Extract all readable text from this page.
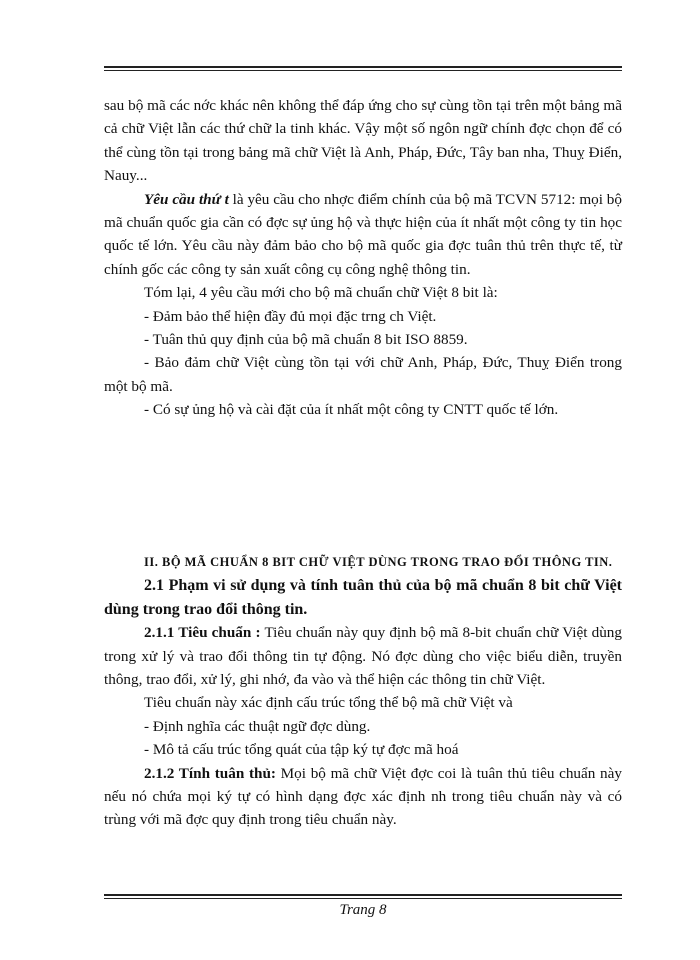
sau bộ mã các nớc khác nên không thể đáp ứng cho sự cùng tồn tại trên một bảng mã cả chữ Việt lẫn các thứ chữ la tinh khác. Vậy một số ngôn ngữ chính đợc chọn để có thể cùng tồn tại trong bảng mã chữ Việt là Anh, Pháp, Đức, Tây ban nha, Thuỵ Điển, Nauy...

Yêu cầu thứ t là yêu cầu cho nhợc điểm chính của bộ mã TCVN 5712: mọi bộ mã chuẩn quốc gia cần có đợc sự ủng hộ và thực hiện của ít nhất một công ty tin học quốc tế lớn. Yêu cầu này đảm bảo cho bộ mã quốc gia đợc tuân thủ trên thực tế, từ chính gốc các công ty sản xuất công cụ công nghệ thông tin.

Tóm lại, 4 yêu cầu mới cho bộ mã chuẩn chữ Việt 8 bit là:

- Đảm bảo thể hiện đầy đủ mọi đặc trng ch Việt.

- Tuân thủ quy định của bộ mã chuẩn 8 bit ISO 8859.

- Bảo đảm chữ Việt cùng tồn tại với chữ Anh, Pháp, Đức, Thuỵ Điển trong một bộ mã.

- Có sự ủng hộ và cài đặt của ít nhất một công ty CNTT quốc tế lớn.

II. BỘ MÃ CHUẨN 8 BIT CHỮ VIỆT DÙNG TRONG TRAO ĐỔI THÔNG TIN.

2.1 Phạm vi sử dụng và tính tuân thủ của bộ mã chuẩn 8 bit chữ Việt dùng trong trao đổi thông tin.

2.1.1 Tiêu chuẩn : Tiêu chuẩn này quy định bộ mã 8-bit chuẩn chữ Việt dùng trong xử lý và trao đổi thông tin tự động. Nó đợc dùng cho việc biểu diễn, truyền thông, trao đổi, xử lý, ghi nhớ, đa vào và thể hiện các thông tin chữ Việt.

Tiêu chuẩn này xác định cấu trúc tổng thể bộ mã chữ Việt và

- Định nghĩa các thuật ngữ đợc dùng.

- Mô tả cấu trúc tổng quát của tập ký tự đợc mã hoá

2.1.2 Tính tuân thủ: Mọi bộ mã chữ Việt đợc coi là tuân thủ tiêu chuẩn này nếu nó chứa mọi ký tự có hình dạng đợc xác định nh trong tiêu chuẩn này và có trùng với mã đợc quy định trong tiêu chuẩn này.

Trang 8
